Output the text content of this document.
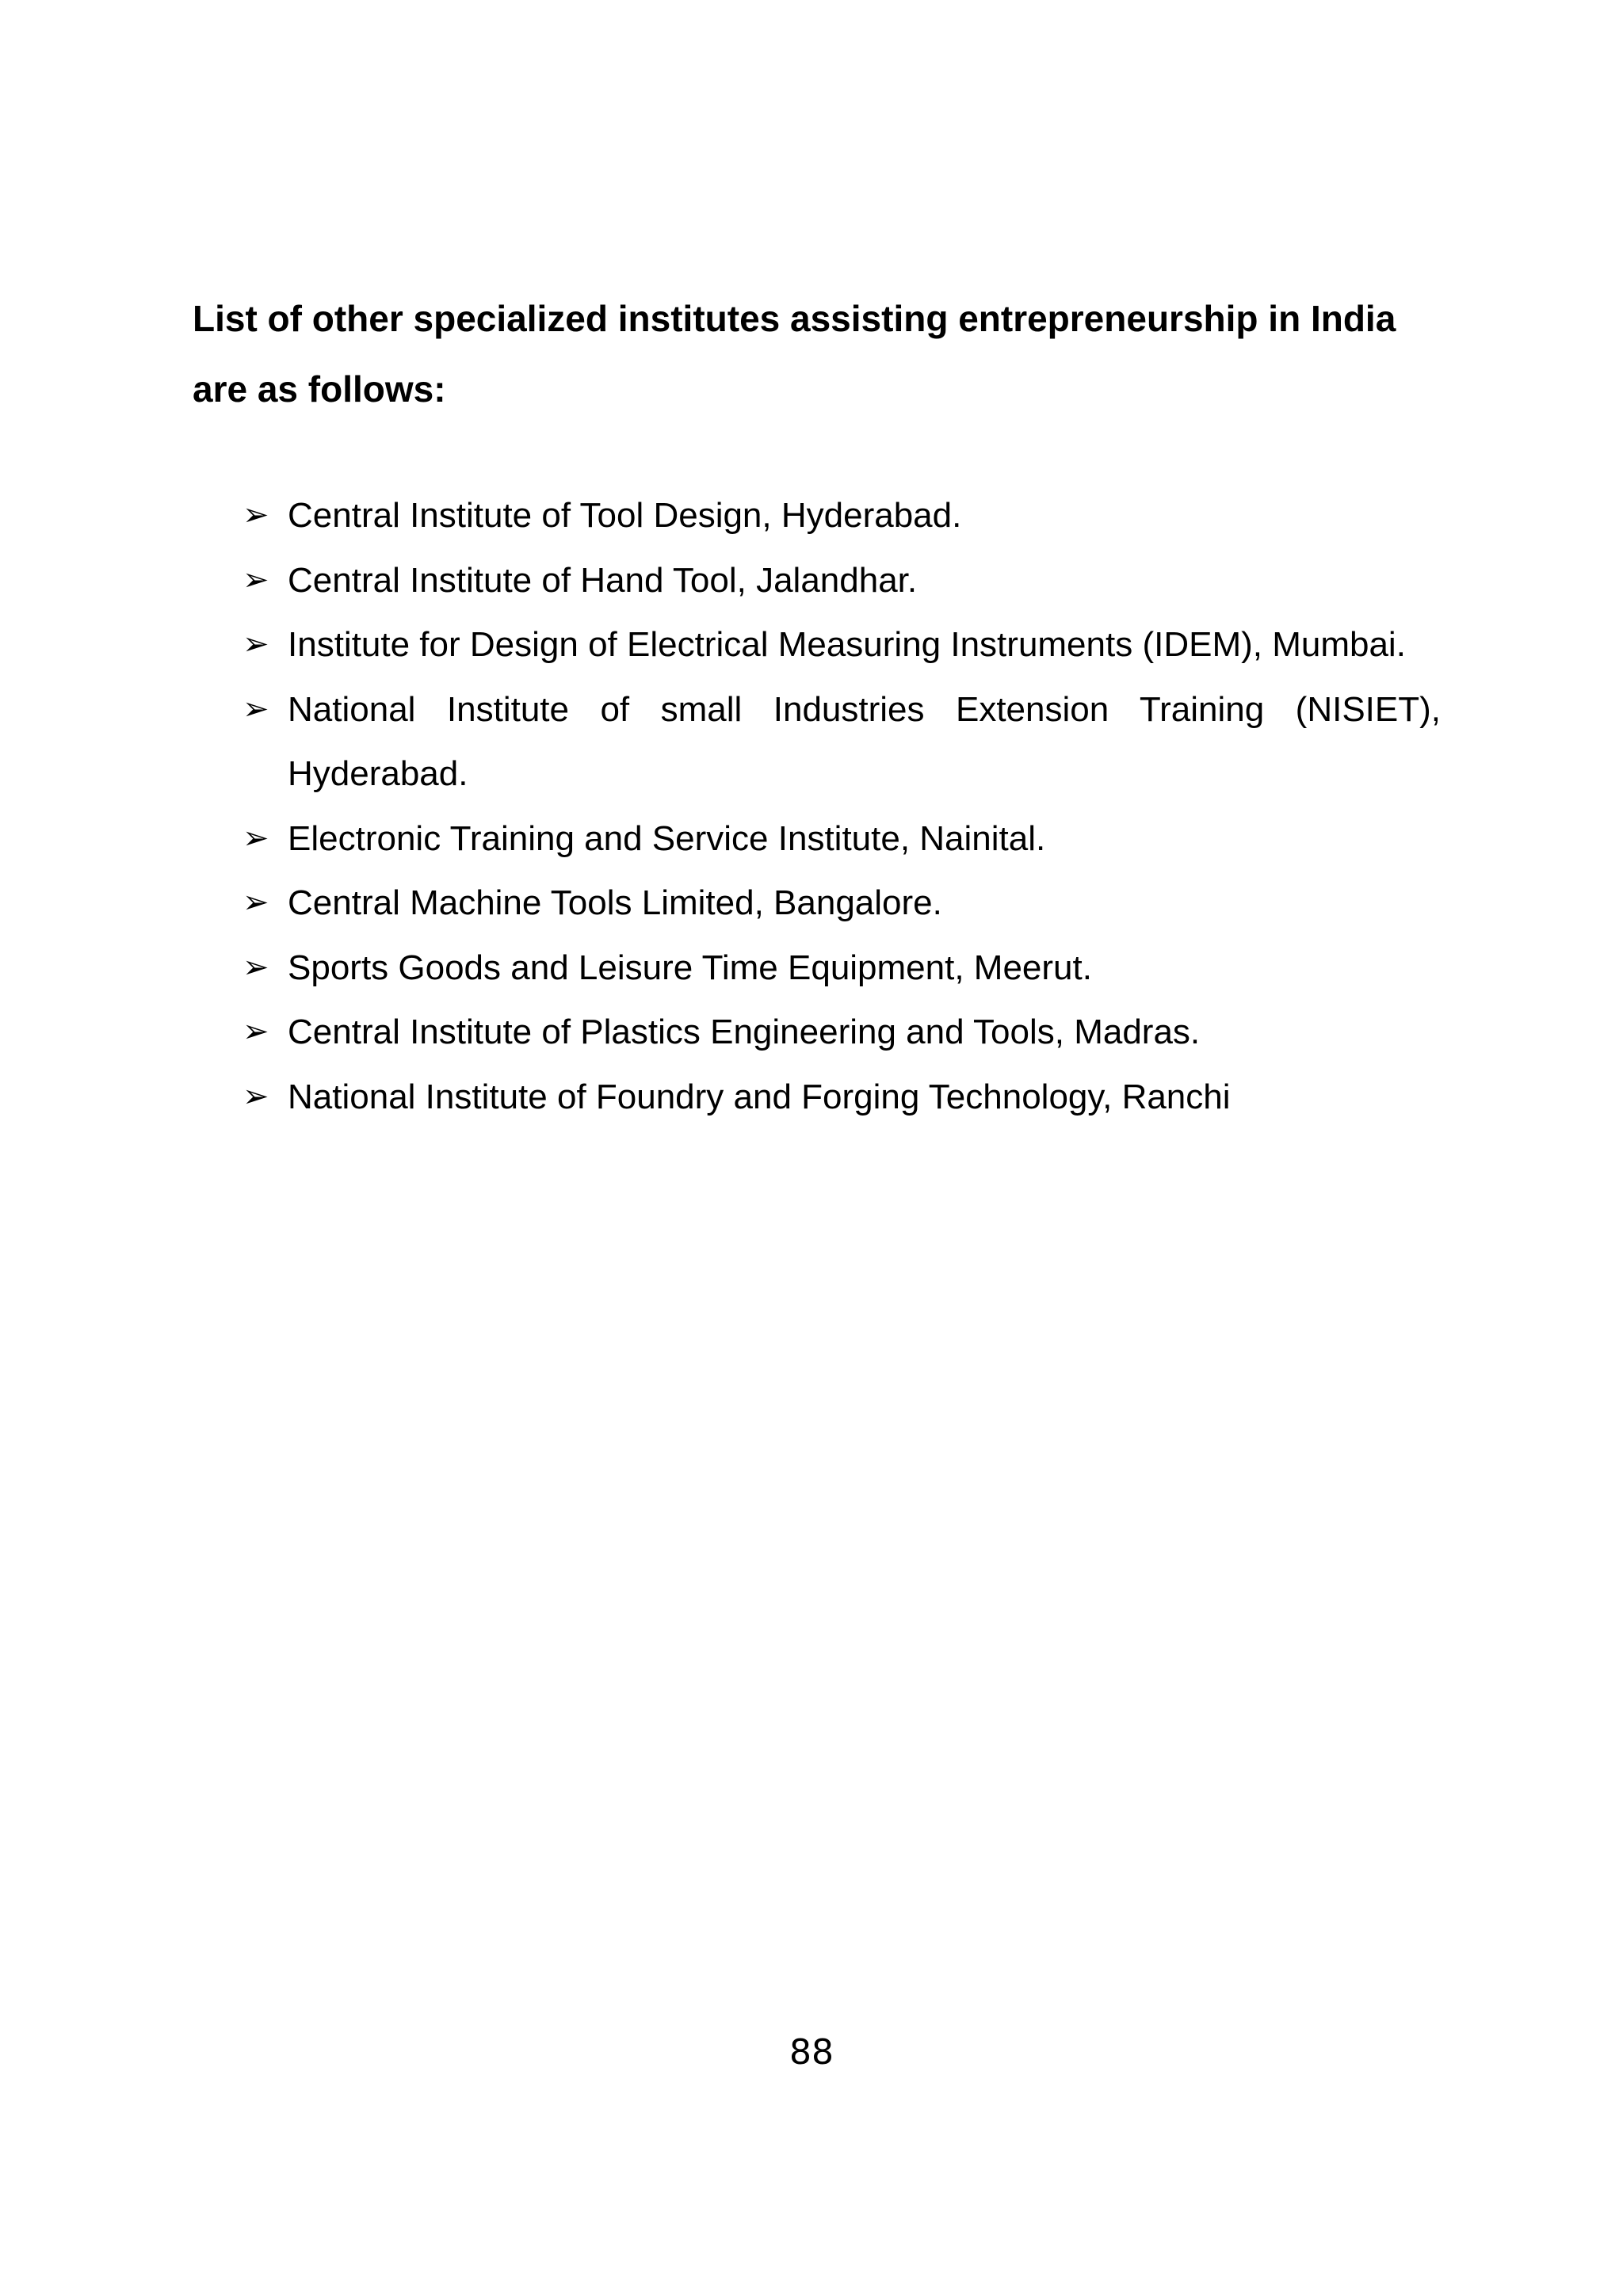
List of other specialized institutes assisting entrepreneurship in India are as follows:
➢ Central Institute of Tool Design, Hyderabad.
➢ Central Institute of Hand Tool, Jalandhar.
➢ Institute for Design of Electrical Measuring Instruments (IDEM), Mumbai.
➢ National Institute of small Industries Extension Training (NISIET), Hyderabad.
➢ Electronic Training and Service Institute, Nainital.
➢ Central Machine Tools Limited, Bangalore.
➢ Sports Goods and Leisure Time Equipment, Meerut.
➢ Central Institute of Plastics Engineering and Tools, Madras.
➢ National Institute of Foundry and Forging Technology, Ranchi
88
